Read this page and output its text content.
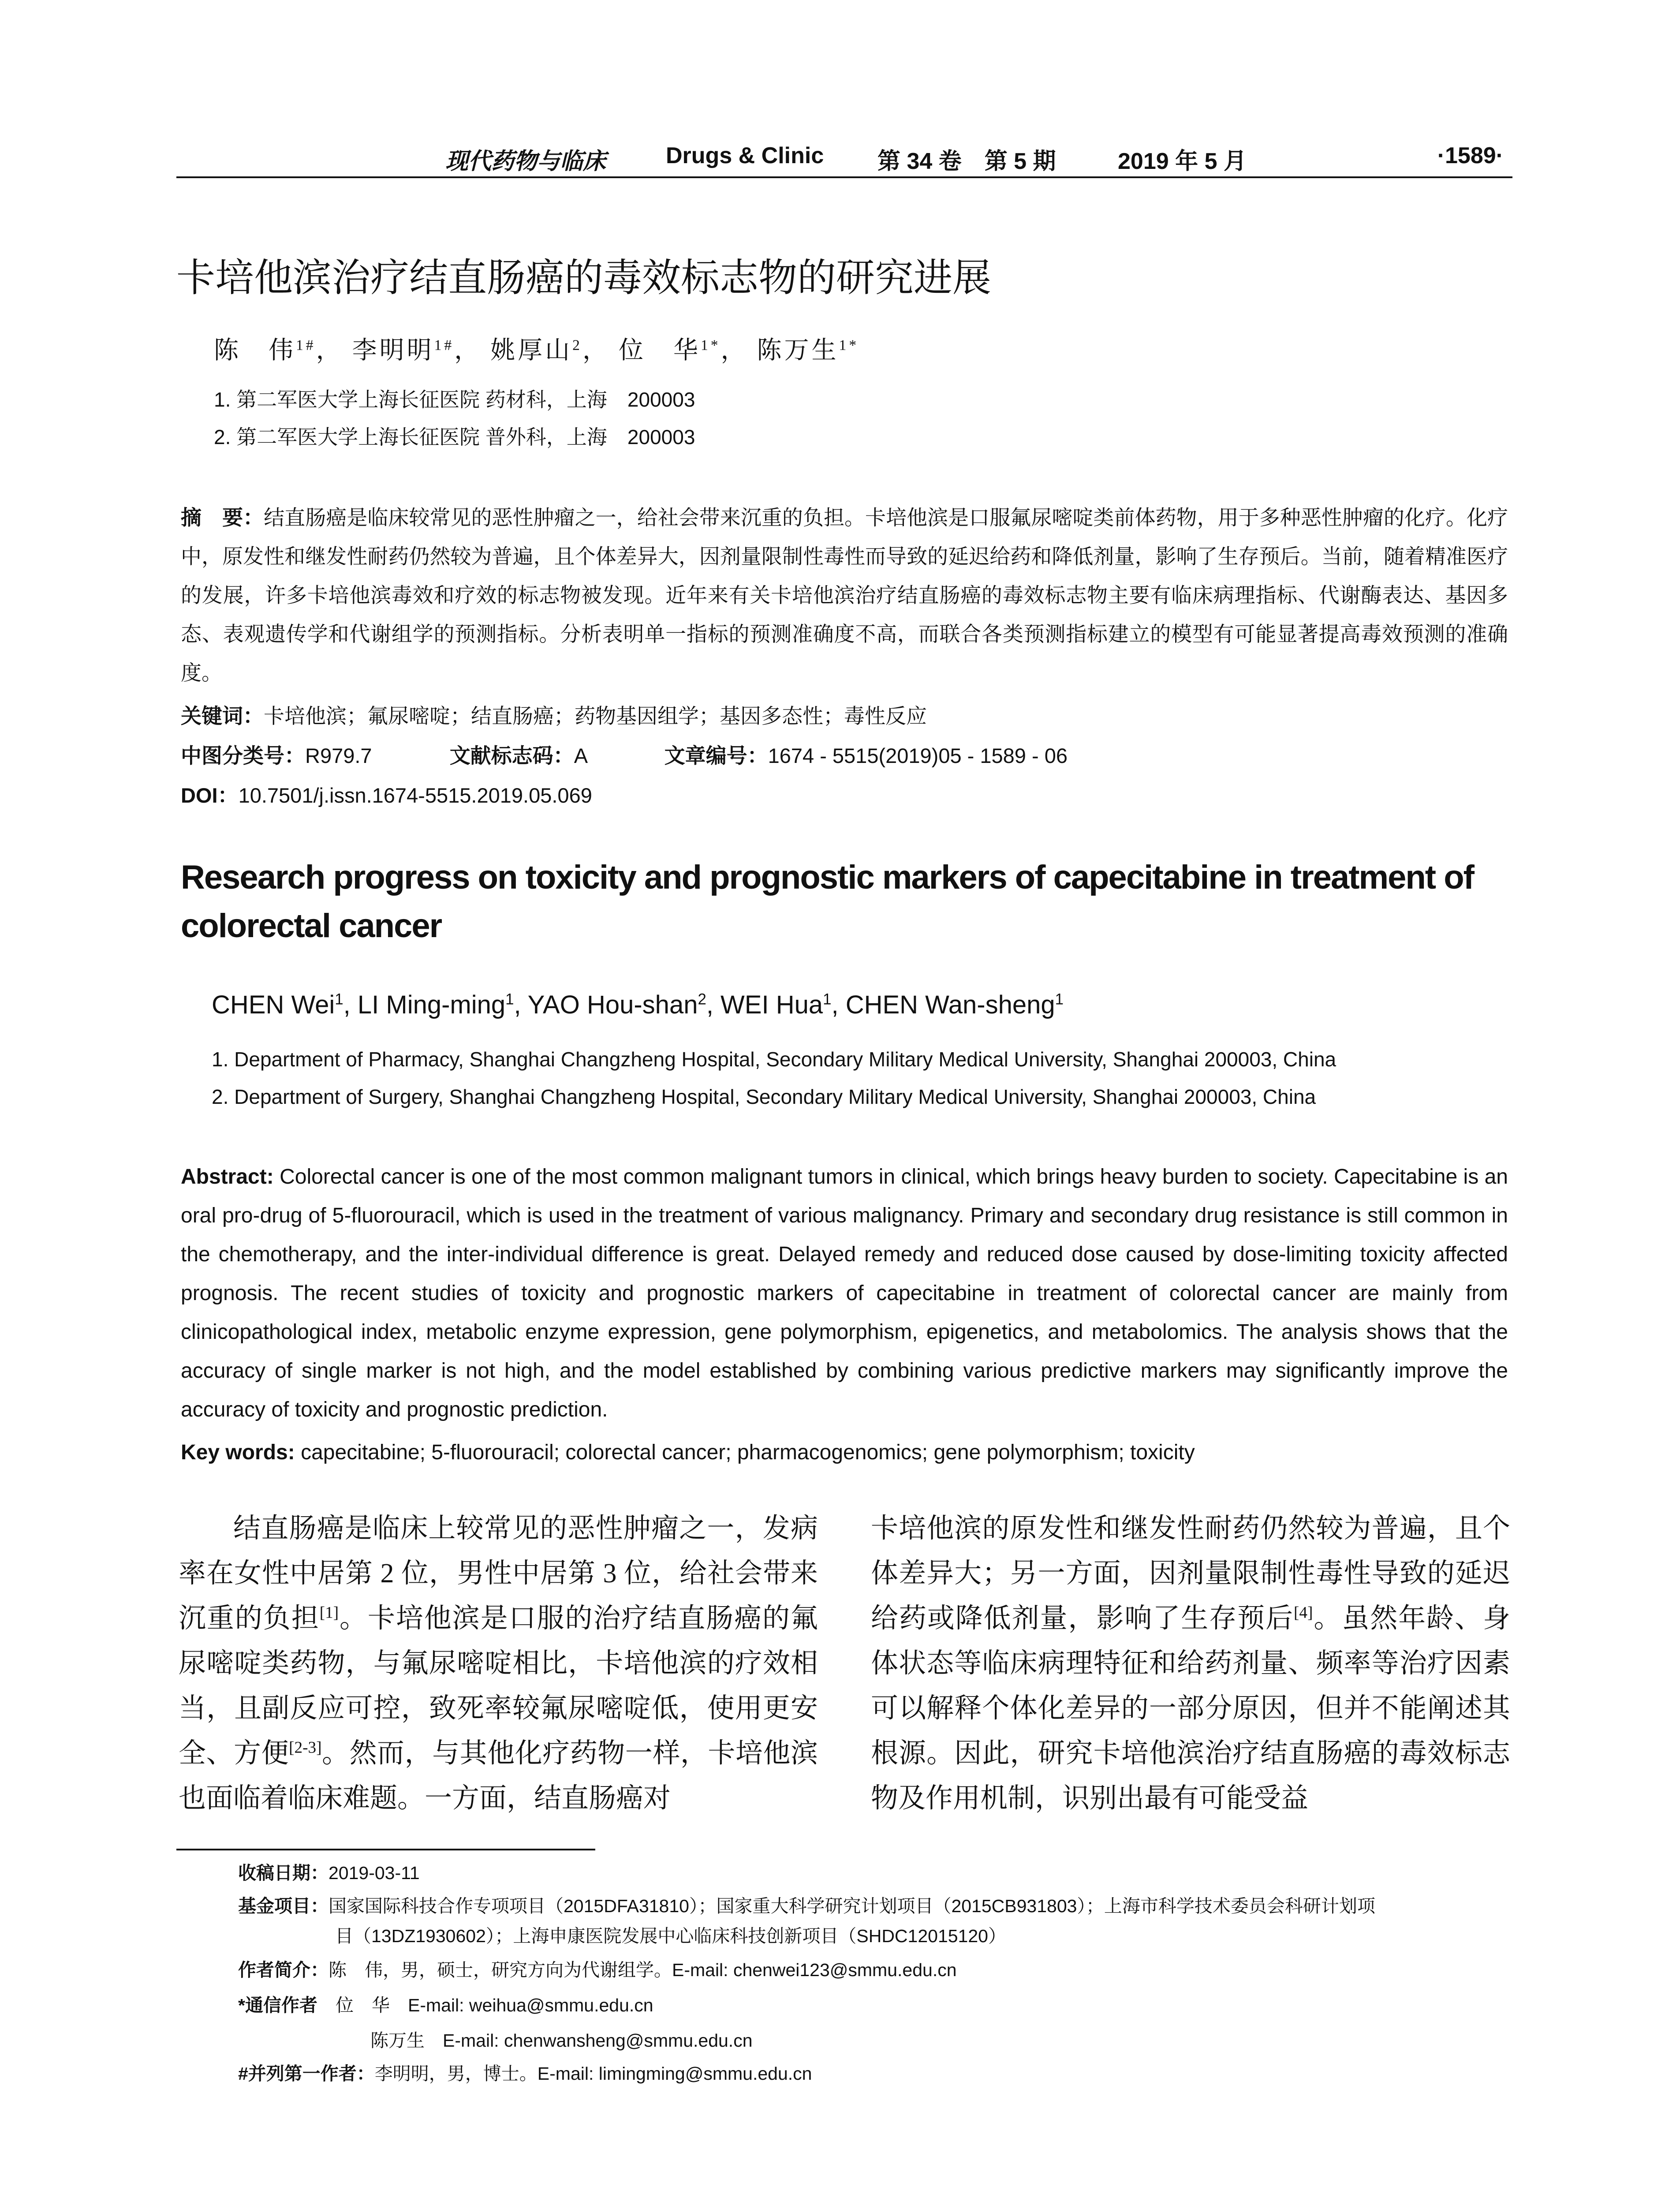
现代药物与临床	Drugs & Clinic 第 34 卷　第 5 期	2019 年 5 月	·1589·
卡培他滨治疗结直肠癌的毒效标志物的研究进展
陈　伟$^{1\#}$， 李明明$^{1\#}$， 姚厚山$^2$， 位　华$^{1*}$， 陈万生$^{1*}$
1. 第二军医大学上海长征医院 药材科，上海　200003
2. 第二军医大学上海长征医院 普外科，上海　200003
摘　要：结直肠癌是临床较常见的恶性肿瘤之一，给社会带来沉重的负担。卡培他滨是口服氟尿嘧啶类前体药物，用于多种恶性肿瘤的化疗。化疗中，原发性和继发性耐药仍然较为普遍，且个体差异大，因剂量限制性毒性而导致的延迟给药和降低剂量，影响了生存预后。当前，随着精准医疗的发展，许多卡培他滨毒效和疗效的标志物被发现。近年来有关卡培他滨治疗结直肠癌的毒效标志物主要有临床病理指标、代谢酶表达、基因多态、表观遗传学和代谢组学的预测指标。分析表明单一指标的预测准确度不高，而联合各类预测指标建立的模型有可能显著提高毒效预测的准确度。
关键词：卡培他滨；氟尿嘧啶；结直肠癌；药物基因组学；基因多态性；毒性反应
中图分类号：R979.7	文献标志码：A	文章编号：1674 - 5515(2019)05 - 1589 - 06
DOI：10.7501/j.issn.1674-5515.2019.05.069
Research progress on toxicity and prognostic markers of capecitabine in treatment of colorectal cancer
CHEN Wei$^1$, LI Ming-ming$^1$, YAO Hou-shan$^2$, WEI Hua$^1$, CHEN Wan-sheng$^1$
1. Department of Pharmacy, Shanghai Changzheng Hospital, Secondary Military Medical University, Shanghai 200003, China
2. Department of Surgery, Shanghai Changzheng Hospital, Secondary Military Medical University, Shanghai 200003, China
Abstract: Colorectal cancer is one of the most common malignant tumors in clinical, which brings heavy burden to society. Capecitabine is an oral pro-drug of 5-fluorouracil, which is used in the treatment of various malignancy. Primary and secondary drug resistance is still common in the chemotherapy, and the inter-individual difference is great. Delayed remedy and reduced dose caused by dose-limiting toxicity affected prognosis. The recent studies of toxicity and prognostic markers of capecitabine in treatment of colorectal cancer are mainly from clinicopathological index, metabolic enzyme expression, gene polymorphism, epigenetics, and metabolomics. The analysis shows that the accuracy of single marker is not high, and the model established by combining various predictive markers may significantly improve the accuracy of toxicity and prognostic prediction.
Key words: capecitabine; 5-fluorouracil; colorectal cancer; pharmacogenomics; gene polymorphism; toxicity
结直肠癌是临床上较常见的恶性肿瘤之一，发病率在女性中居第 2 位，男性中居第 3 位，给社会带来沉重的负担[1]。卡培他滨是口服的治疗结直肠癌的氟尿嘧啶类药物，与氟尿嘧啶相比，卡培他滨的疗效相当，且副反应可控，致死率较氟尿嘧啶低，使用更安全、方便[2-3]。然而，与其他化疗药物一样，卡培他滨也面临着临床难题。一方面，结直肠癌对
卡培他滨的原发性和继发性耐药仍然较为普遍，且个体差异大；另一方面，因剂量限制性毒性导致的延迟给药或降低剂量，影响了生存预后[4]。虽然年龄、身体状态等临床病理特征和给药剂量、频率等治疗因素可以解释个体化差异的一部分原因，但并不能阐述其根源。因此，研究卡培他滨治疗结直肠癌的毒效标志物及作用机制，识别出最有可能受益
收稿日期：2019-03-11
基金项目：国家国际科技合作专项项目（2015DFA31810）；国家重大科学研究计划项目（2015CB931803）；上海市科学技术委员会科研计划项
目（13DZ1930602）；上海申康医院发展中心临床科技创新项目（SHDC12015120）
作者简介：陈　伟，男，硕士，研究方向为代谢组学。E-mail: chenwei123@smmu.edu.cn
*通信作者　 位　华　E-mail: weihua@smmu.edu.cn
陈万生　E-mail: chenwansheng@smmu.edu.cn
#并列第一作者：李明明，男，博士。E-mail: limingming@smmu.edu.cn
